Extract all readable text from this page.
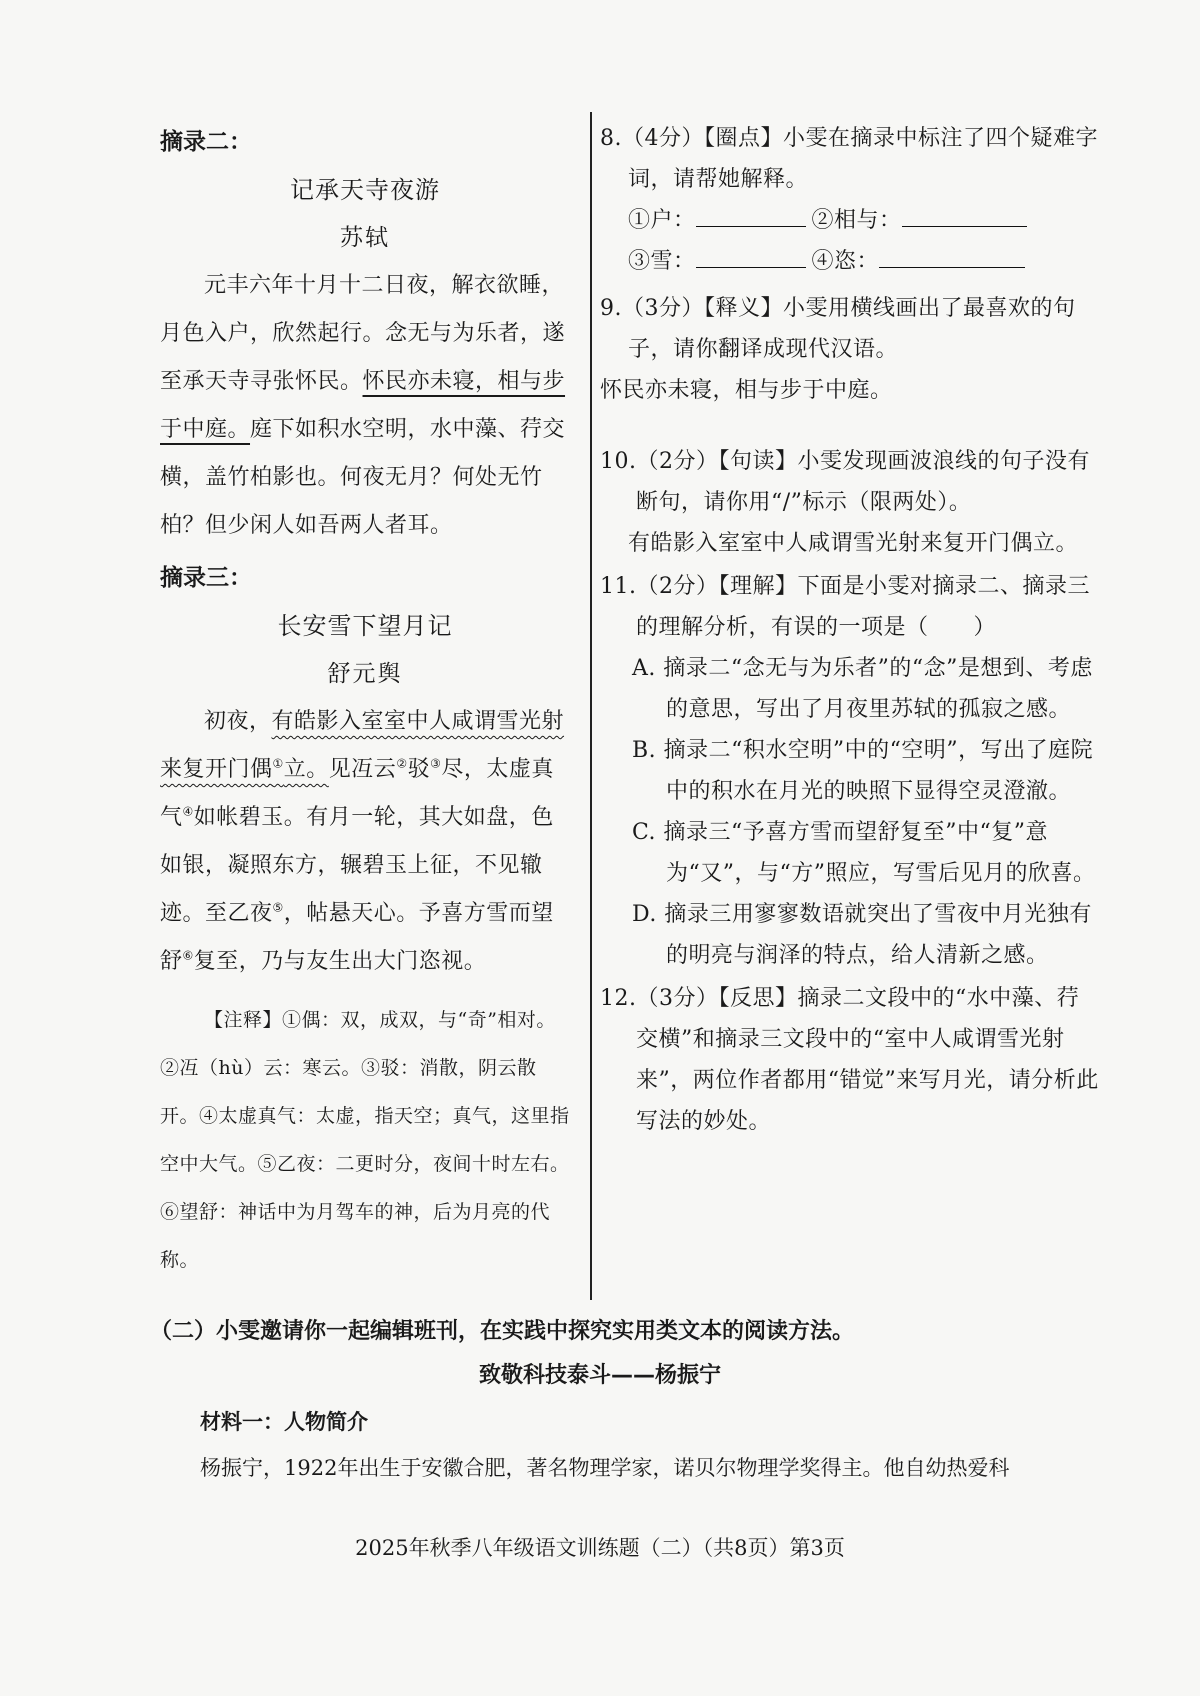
摘录二：
记承天寺夜游
苏轼
元丰六年十月十二日夜，解衣欲睡，月色入户，欣然起行。念无与为乐者，遂至承天寺寻张怀民。怀民亦未寝，相与步于中庭。庭下如积水空明，水中藻、荇交横，盖竹柏影也。何夜无月？何处无竹柏？但少闲人如吾两人者耳。
摘录三：
长安雪下望月记
舒元舆
初夜，有皓影入室室中人咸谓雪光射来复开门偶①立。见冱云②驳③尽，太虚真气④如帐碧玉。有月一轮，其大如盘，色如银，凝照东方，辗碧玉上征，不见辙迹。至乙夜⑤，帖悬天心。予喜方雪而望舒⑥复至，乃与友生出大门恣视。
【注释】①偶：双，成双，与“奇”相对。②冱（hù）云：寒云。③驳：消散，阴云散开。④太虚真气：太虚，指天空；真气，这里指空中大气。⑤乙夜：二更时分，夜间十时左右。⑥望舒：神话中为月驾车的神，后为月亮的代称。
8.（4分）【圈点】小雯在摘录中标注了四个疑难字词，请帮她解释。
①户：	②相与：
③雪：	④恣：
9.（3分）【释义】小雯用横线画出了最喜欢的句子，请你翻译成现代汉语。
怀民亦未寝，相与步于中庭。
10.（2分）【句读】小雯发现画波浪线的句子没有断句，请你用“/”标示（限两处）。
有皓影入室室中人咸谓雪光射来复开门偶立。
11.（2分）【理解】下面是小雯对摘录二、摘录三的理解分析，有误的一项是（　　）
A. 摘录二“念无与为乐者”的“念”是想到、考虑的意思，写出了月夜里苏轼的孤寂之感。
B. 摘录二“积水空明”中的“空明”，写出了庭院中的积水在月光的映照下显得空灵澄澈。
C. 摘录三“予喜方雪而望舒复至”中“复”意为“又”，与“方”照应，写雪后见月的欣喜。
D. 摘录三用寥寥数语就突出了雪夜中月光独有的明亮与润泽的特点，给人清新之感。
12.（3分）【反思】摘录二文段中的“水中藻、荇交横”和摘录三文段中的“室中人咸谓雪光射来”，两位作者都用“错觉”来写月光，请分析此写法的妙处。
（二）小雯邀请你一起编辑班刊，在实践中探究实用类文本的阅读方法。
致敬科技泰斗——杨振宁
材料一：人物简介
杨振宁，1922年出生于安徽合肥，著名物理学家，诺贝尔物理学奖得主。他自幼热爱科
2025年秋季八年级语文训练题（二）（共8页）第3页
